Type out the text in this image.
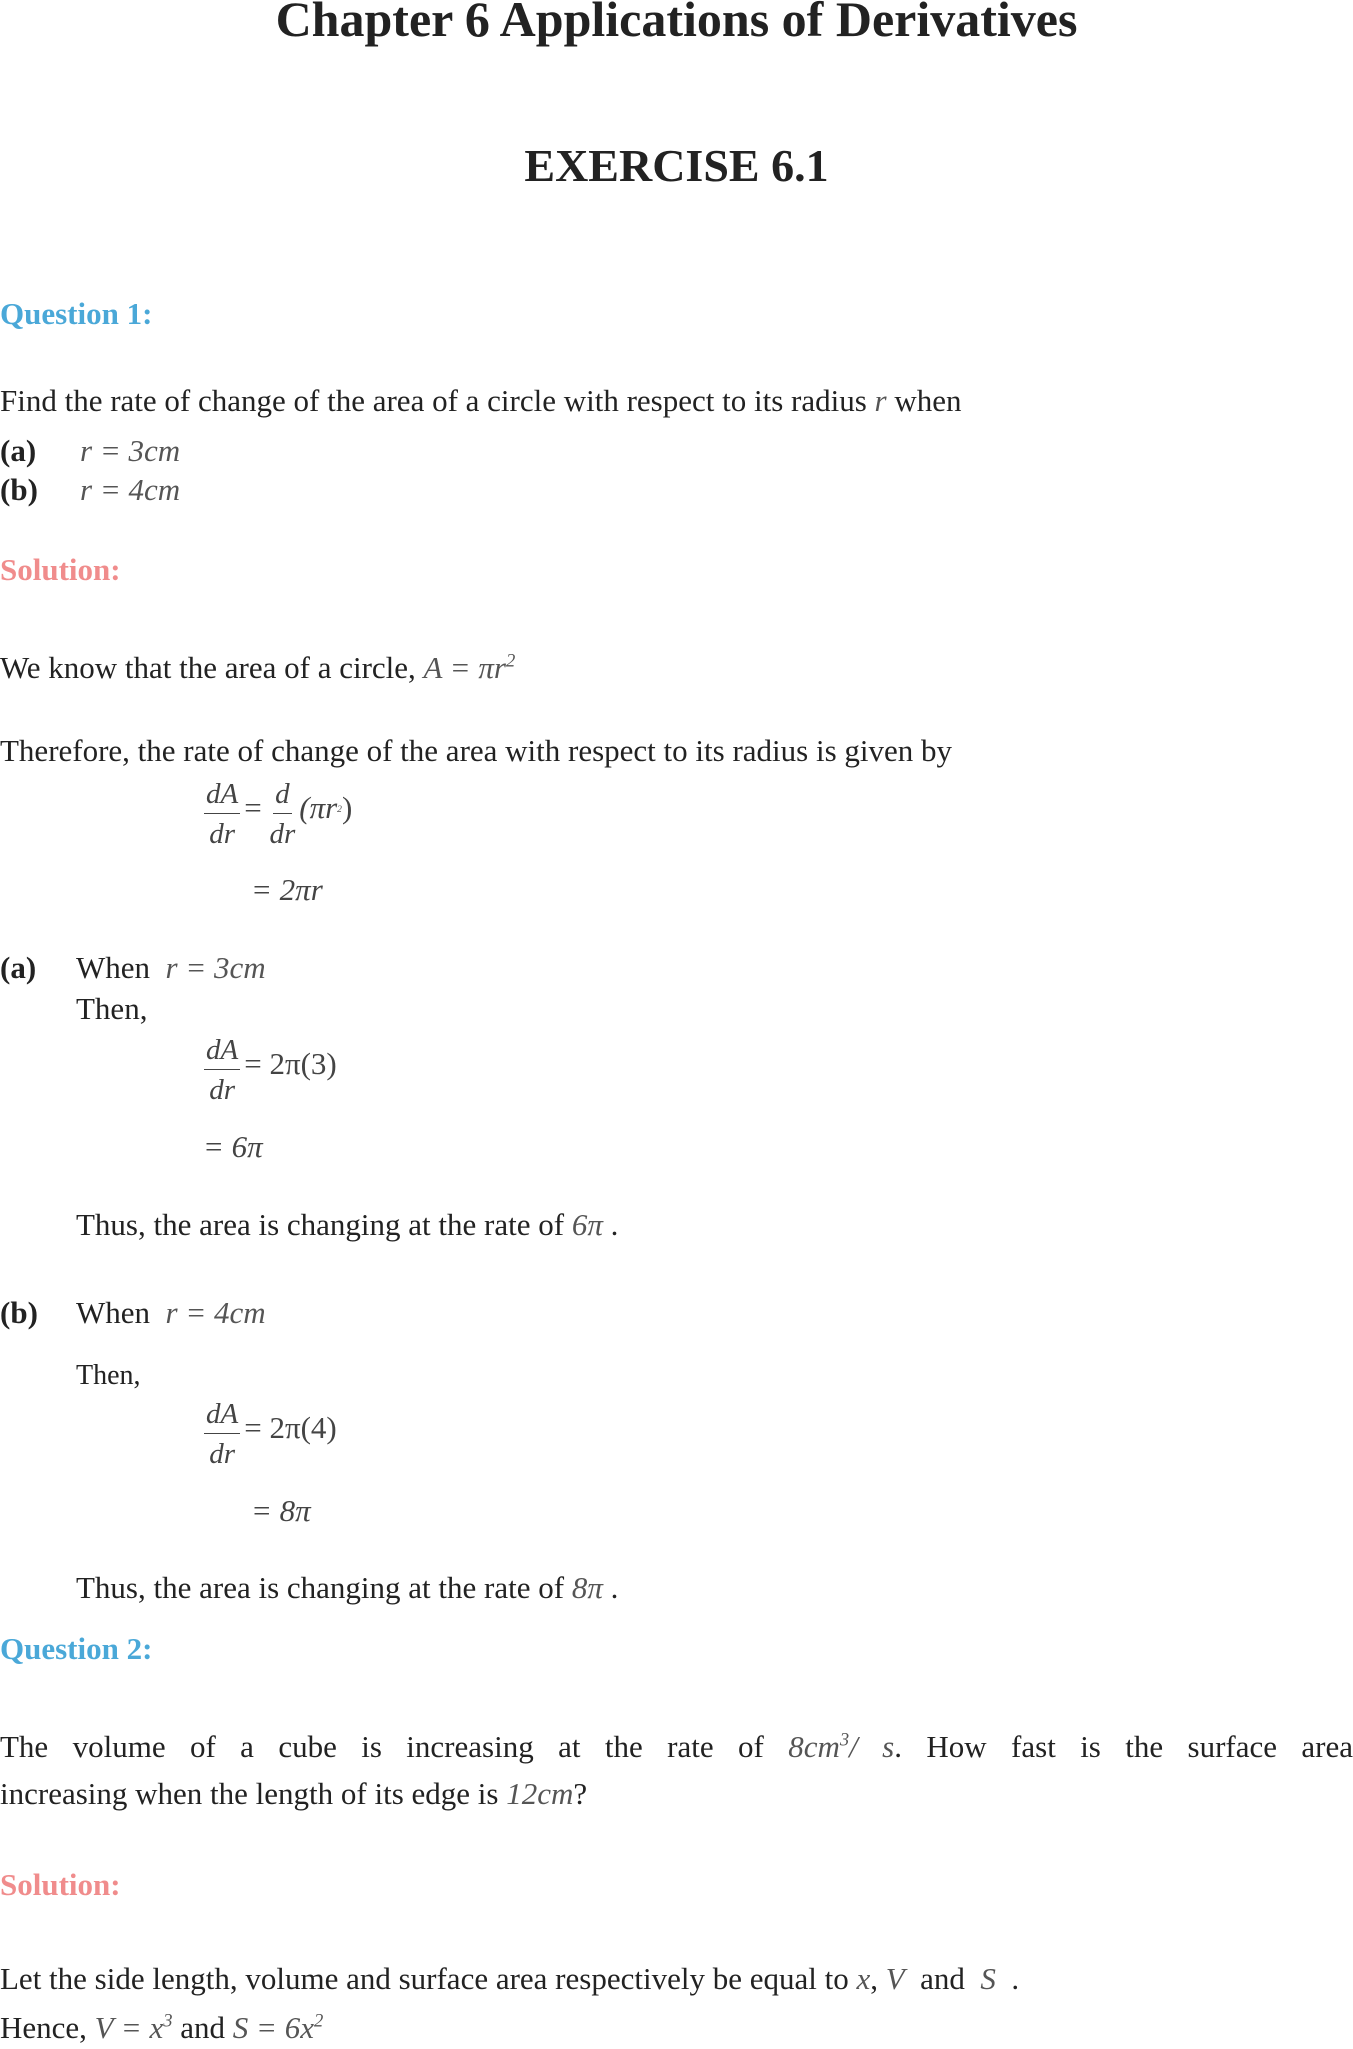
Chapter 6 Applications of Derivatives
EXERCISE 6.1
Question 1:
Find the rate of change of the area of a circle with respect to its radius r when
(a) r = 3cm
(b) r = 4cm
Solution:
We know that the area of a circle, $A = \pi r^2$
Therefore, the rate of change of the area with respect to its radius is given by
$\frac{dA}{dr} = \frac{d}{dr} (\pi r^2)$
= 2πr
(a) When r = 3cm
Then,
$\frac{dA}{dr} = 2\pi(3)$
= 6π
Thus, the area is changing at the rate of 6π .
(b) When r = 4cm
Then,
$\frac{dA}{dr} = 2\pi(4)$
= 8π
Thus, the area is changing at the rate of 8π .
Question 2:
The volume of a cube is increasing at the rate of $8cm^3/$ s. How fast is the surface area
increasing when the length of its edge is 12cm?
Solution:
Let the side length, volume and surface area respectively be equal to x, V and S .
Hence, $V = x^3$ and $S = 6x^2$
